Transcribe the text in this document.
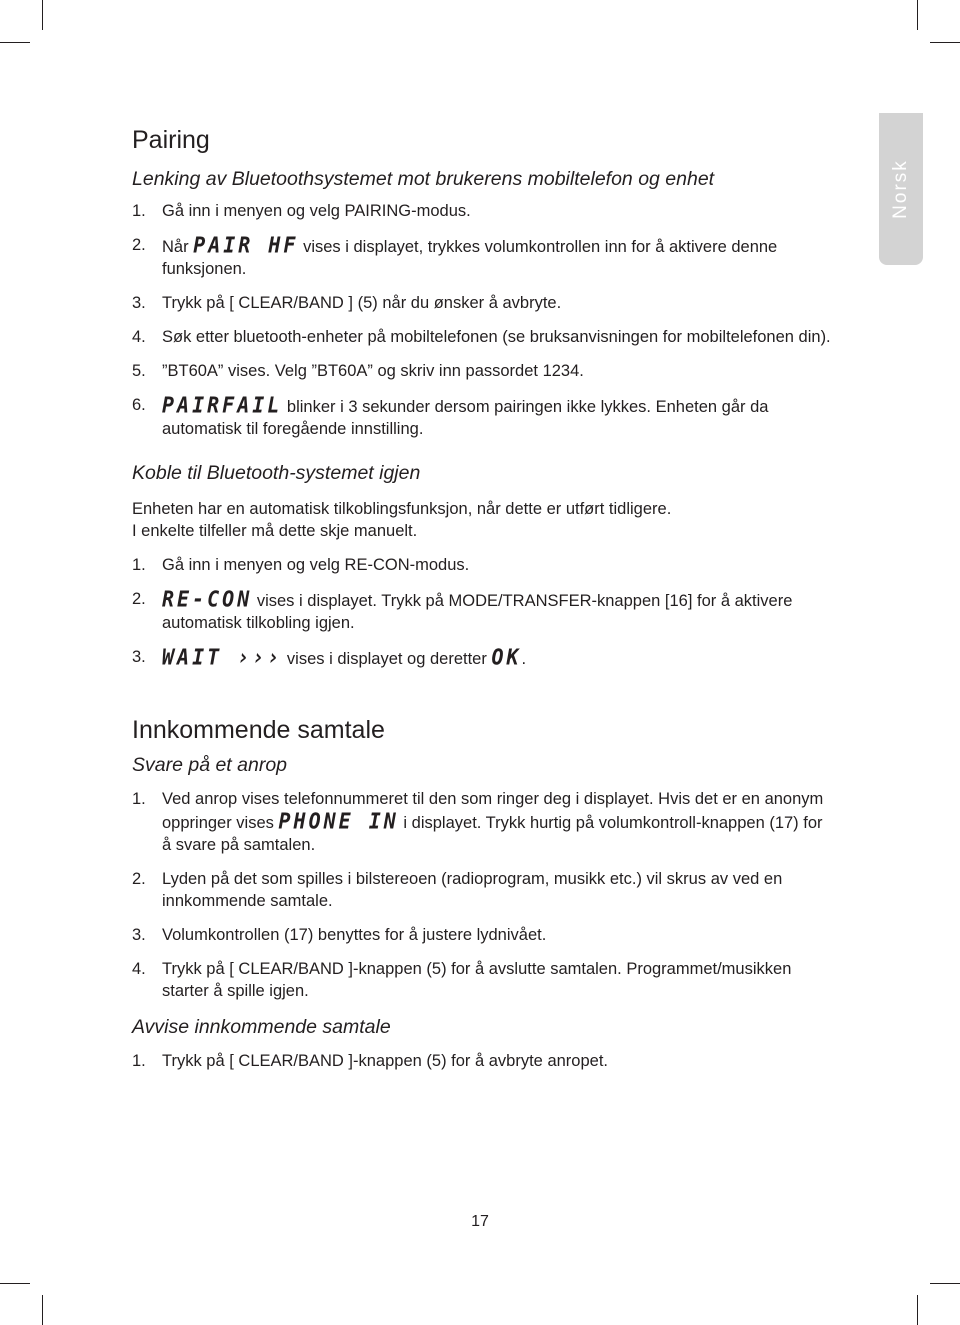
Norsk
Pairing
Lenking av Bluetoothsystemet mot brukerens mobiltelefon og enhet
1. Gå inn i menyen og velg PAIRING-modus.
2. Når PAIR HF vises i displayet, trykkes volumkontrollen inn for å aktivere denne funksjonen.
3. Trykk på [ CLEAR/BAND ] (5) når du ønsker å avbryte.
4. Søk etter bluetooth-enheter på mobiltelefonen (se bruksanvisningen for mobiltelefonen din).
5. ”BT60A” vises. Velg ”BT60A” og skriv inn passordet 1234.
6. PAIRFAIL blinker i 3 sekunder dersom pairingen ikke lykkes. Enheten går da automatisk til foregående innstilling.
Koble til Bluetooth-systemet igjen

Enheten har en automatisk tilkoblingsfunksjon, når dette er utført tidligere.

I enkelte tilfeller må dette skje manuelt.

1. Gå inn i menyen og velg RE-CON-modus.
2. RE-CON vises i displayet. Trykk på MODE/TRANSFER-knappen [16] for å aktivere automatisk tilkobling igjen.
3. WAIT ››› vises i displayet og deretter OK.
Innkommende samtale
Svare på et anrop
1. Ved anrop vises telefonnummeret til den som ringer deg i displayet. Hvis det er en anonym oppringer vises PHONE IN i displayet. Trykk hurtig på volumkontroll-knappen (17) for å svare på samtalen.
2. Lyden på det som spilles i bilstereoen (radioprogram, musikk etc.) vil skrus av ved en innkommende samtale.
3. Volumkontrollen (17) benyttes for å justere lydnivået.
4. Trykk på [ CLEAR/BAND ]-knappen (5) for å avslutte samtalen. Programmet/musikken starter å spille igjen.
Avvise innkommende samtale
1. Trykk på [ CLEAR/BAND ]-knappen (5) for å avbryte anropet.
17
